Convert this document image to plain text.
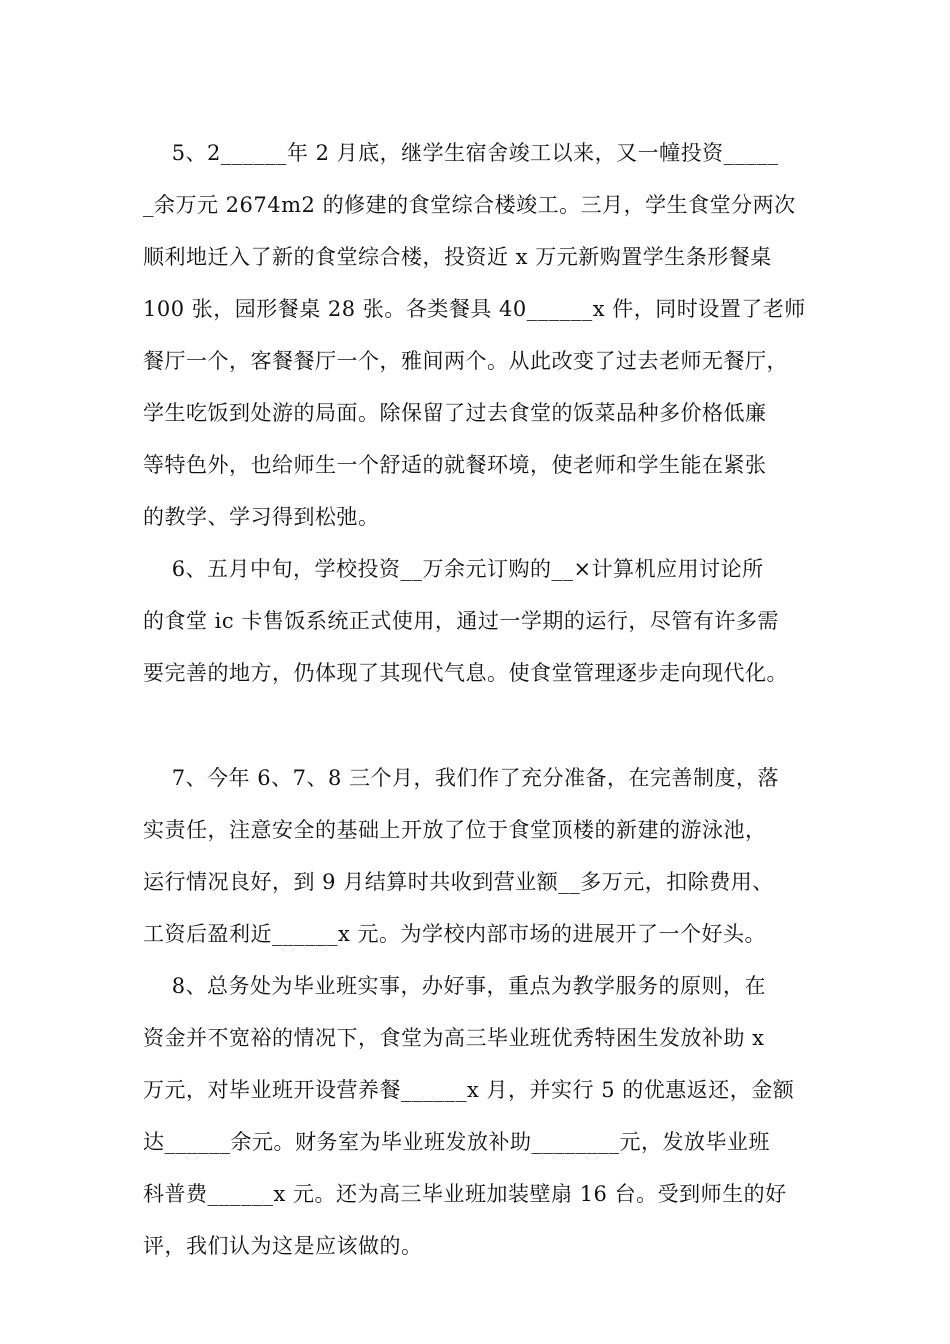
5、2______年 2 月底，继学生宿舍竣工以来，又一幢投资_____
_余万元 2674m2 的修建的食堂综合楼竣工。三月，学生食堂分两次
顺利地迁入了新的食堂综合楼，投资近 x 万元新购置学生条形餐桌
100 张，园形餐桌 28 张。各类餐具 40______x 件，同时设置了老师
餐厅一个，客餐餐厅一个，雅间两个。从此改变了过去老师无餐厅，
学生吃饭到处游的局面。除保留了过去食堂的饭菜品种多价格低廉
等特色外，也给师生一个舒适的就餐环境，使老师和学生能在紧张
的教学、学习得到松弛。
6、五月中旬，学校投资__万余元订购的__×计算机应用讨论所
的食堂 ic 卡售饭系统正式使用，通过一学期的运行，尽管有许多需
要完善的地方，仍体现了其现代气息。使食堂管理逐步走向现代化。
7、今年 6、7、8 三个月，我们作了充分准备，在完善制度，落
实责任，注意安全的基础上开放了位于食堂顶楼的新建的游泳池，
运行情况良好，到 9 月结算时共收到营业额__多万元，扣除费用、
工资后盈利近______x 元。为学校内部市场的进展开了一个好头。
8、总务处为毕业班实事，办好事，重点为教学服务的原则，在
资金并不宽裕的情况下，食堂为高三毕业班优秀特困生发放补助 x
万元，对毕业班开设营养餐______x 月，并实行 5 的优惠返还，金额
达______余元。财务室为毕业班发放补助________元，发放毕业班
科普费______x 元。还为高三毕业班加装壁扇 16 台。受到师生的好
评，我们认为这是应该做的。
